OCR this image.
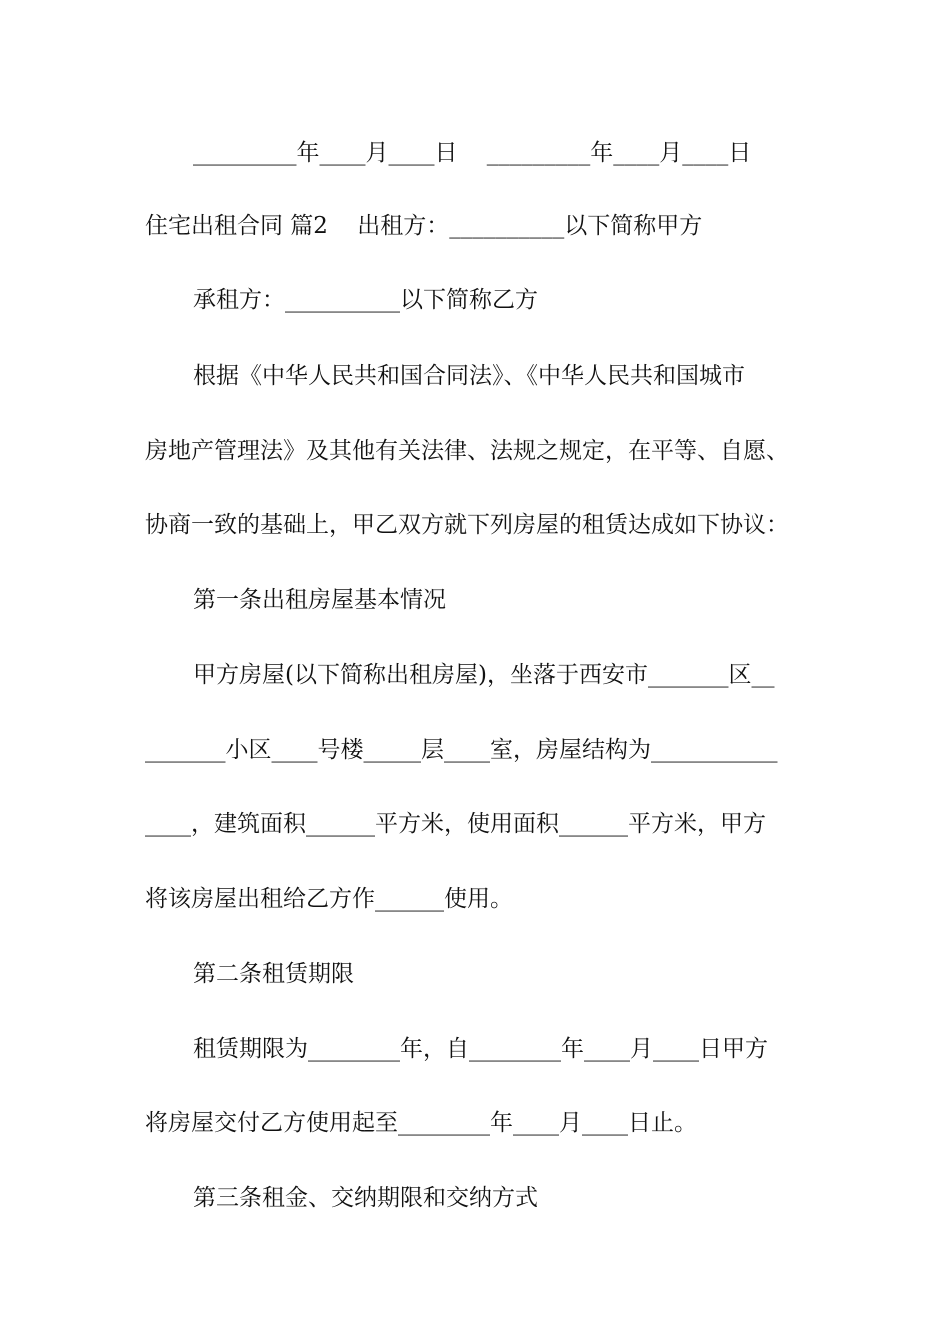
_________年____月____日    _________年____月____日
住宅出租合同 篇2    出租方：__________以下简称甲方
承租方：__________以下简称乙方
根据《中华人民共和国合同法》、《中华人民共和国城市
房地产管理法》及其他有关法律、法规之规定，在平等、自愿、
协商一致的基础上，甲乙双方就下列房屋的租赁达成如下协议：
第一条出租房屋基本情况
甲方房屋(以下简称出租房屋)，坐落于西安市_______区__
_______小区____号楼_____层____室，房屋结构为___________
____，建筑面积______平方米，使用面积______平方米，甲方
将该房屋出租给乙方作______使用。
第二条租赁期限
租赁期限为________年，自________年____月____日甲方
将房屋交付乙方使用起至________年____月____日止。
第三条租金、交纳期限和交纳方式
